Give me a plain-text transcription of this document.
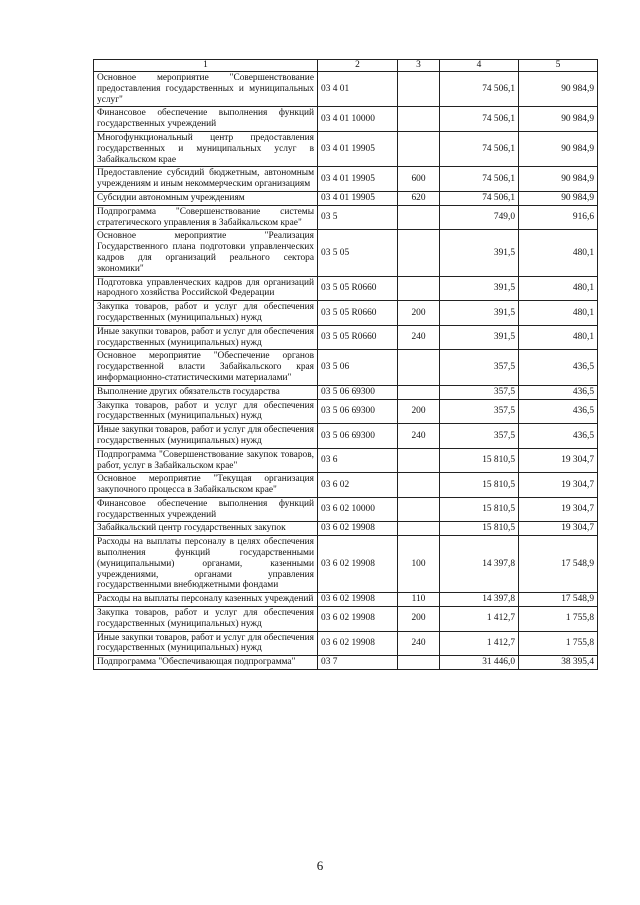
1	2	3	4	5
Основное мероприятие "Совершенствование предоставления государственных и муниципальных услуг"	03 4 01		74 506,1	90 984,9
Финансовое обеспечение выполнения функций государственных учреждений	03 4 01 10000		74 506,1	90 984,9
Многофункциональный центр предоставления государственных и муниципальных услуг в Забайкальском крае	03 4 01 19905		74 506,1	90 984,9
Предоставление субсидий бюджетным, автономным учреждениям и иным некоммерческим организациям	03 4 01 19905	600	74 506,1	90 984,9
Субсидии автономным учреждениям	03 4 01 19905	620	74 506,1	90 984,9
Подпрограмма "Совершенствование системы стратегического управления в Забайкальском крае"	03 5		749,0	916,6
Основное мероприятие "Реализация Государственного плана подготовки управленческих кадров для организаций реального сектора экономики"	03 5 05		391,5	480,1
Подготовка управленческих кадров для организаций народного хозяйства Российской Федерации	03 5 05 R0660		391,5	480,1
Закупка товаров, работ и услуг для обеспечения государственных (муниципальных) нужд	03 5 05 R0660	200	391,5	480,1
Иные закупки товаров, работ и услуг для обеспечения государственных (муниципальных) нужд	03 5 05 R0660	240	391,5	480,1
Основное мероприятие "Обеспечение органов государственной власти Забайкальского края информационно-статистическими материалами"	03 5 06		357,5	436,5
Выполнение других обязательств государства	03 5 06 69300		357,5	436,5
Закупка товаров, работ и услуг для обеспечения государственных (муниципальных) нужд	03 5 06 69300	200	357,5	436,5
Иные закупки товаров, работ и услуг для обеспечения государственных (муниципальных) нужд	03 5 06 69300	240	357,5	436,5
Подпрограмма "Совершенствование закупок товаров, работ, услуг в Забайкальском крае"	03 6		15 810,5	19 304,7
Основное мероприятие "Текущая организация закупочного процесса в Забайкальском крае"	03 6 02		15 810,5	19 304,7
Финансовое обеспечение выполнения функций государственных учреждений	03 6 02 10000		15 810,5	19 304,7
Забайкальский центр государственных закупок	03 6 02 19908		15 810,5	19 304,7
Расходы на выплаты персоналу в целях обеспечения выполнения функций государственными (муниципальными) органами, казенными учреждениями, органами управления государственными внебюджетными фондами	03 6 02 19908	100	14 397,8	17 548,9
Расходы на выплаты персоналу казенных учреждений	03 6 02 19908	110	14 397,8	17 548,9
Закупка товаров, работ и услуг для обеспечения государственных (муниципальных) нужд	03 6 02 19908	200	1 412,7	1 755,8
Иные закупки товаров, работ и услуг для обеспечения государственных (муниципальных) нужд	03 6 02 19908	240	1 412,7	1 755,8
Подпрограмма "Обеспечивающая подпрограмма"	03 7		31 446,0	38 395,4
6
